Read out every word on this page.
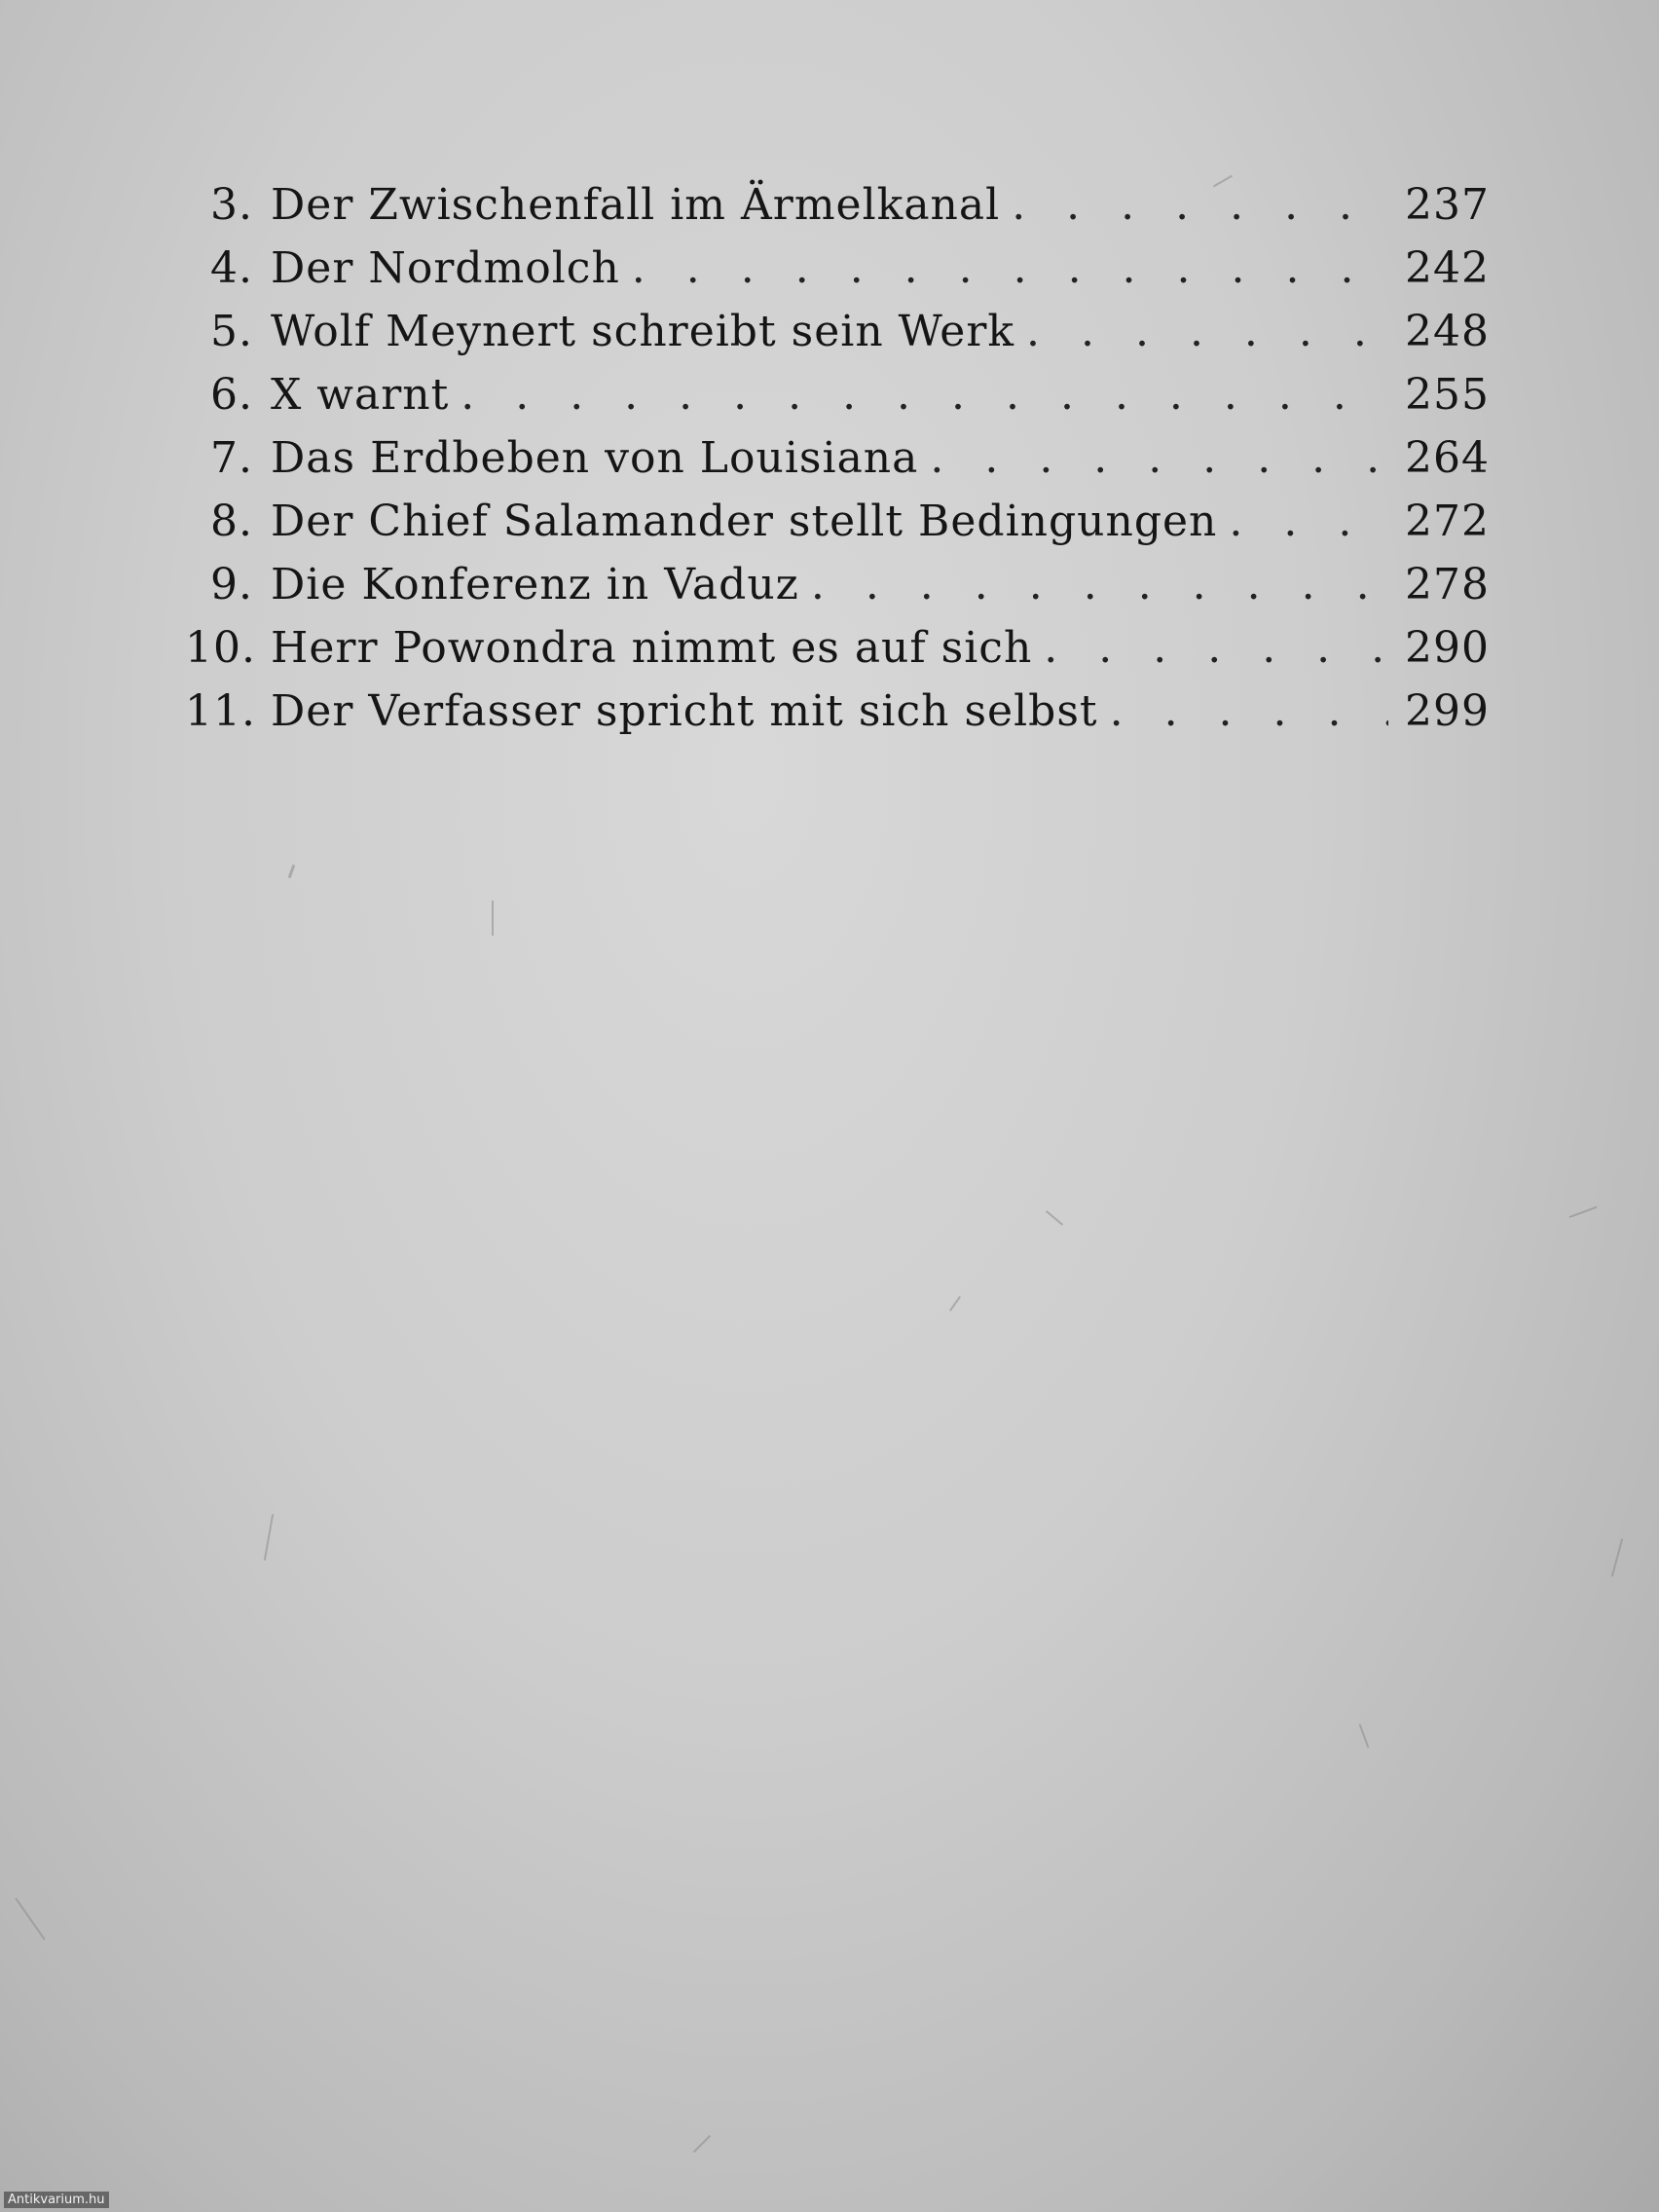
3. Der Zwischenfall im Ärmelkanal . . .	237
4. Der Nordmolch . . .	242
5. Wolf Meynert schreibt sein Werk . . .	248
6. X warnt . . .	255
7. Das Erdbeben von Louisiana . . .	264
8. Der Chief Salamander stellt Bedingungen . . .	272
9. Die Konferenz in Vaduz . . .	278
10. Herr Powondra nimmt es auf sich . . .	290
11. Der Verfasser spricht mit sich selbst . . .	299
Antikvarium.hu
